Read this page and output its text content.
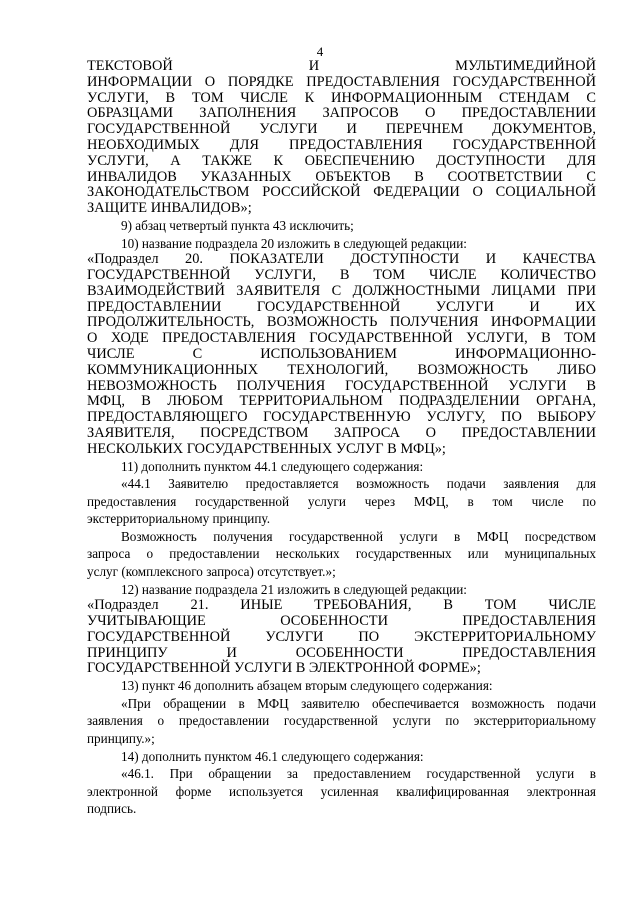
4
ТЕКСТОВОЙ И МУЛЬТИМЕДИЙНОЙ
ИНФОРМАЦИИ О ПОРЯДКЕ ПРЕДОСТАВЛЕНИЯ ГОСУДАРСТВЕННОЙ
УСЛУГИ, В ТОМ ЧИСЛЕ К ИНФОРМАЦИОННЫМ СТЕНДАМ С
ОБРАЗЦАМИ ЗАПОЛНЕНИЯ ЗАПРОСОВ О ПРЕДОСТАВЛЕНИИ
ГОСУДАРСТВЕННОЙ УСЛУГИ И ПЕРЕЧНЕМ ДОКУМЕНТОВ,
НЕОБХОДИМЫХ ДЛЯ ПРЕДОСТАВЛЕНИЯ ГОСУДАРСТВЕННОЙ
УСЛУГИ, А ТАКЖЕ К ОБЕСПЕЧЕНИЮ ДОСТУПНОСТИ ДЛЯ
ИНВАЛИДОВ УКАЗАННЫХ ОБЪЕКТОВ В СООТВЕТСТВИИ С
ЗАКОНОДАТЕЛЬСТВОМ РОССИЙСКОЙ ФЕДЕРАЦИИ О СОЦИАЛЬНОЙ
ЗАЩИТЕ ИНВАЛИДОВ»;
9) абзац четвертый пункта 43 исключить;
10) название подраздела 20 изложить в следующей редакции:
«Подраздел 20. ПОКАЗАТЕЛИ ДОСТУПНОСТИ И КАЧЕСТВА
ГОСУДАРСТВЕННОЙ УСЛУГИ, В ТОМ ЧИСЛЕ КОЛИЧЕСТВО
ВЗАИМОДЕЙСТВИЙ ЗАЯВИТЕЛЯ С ДОЛЖНОСТНЫМИ ЛИЦАМИ ПРИ
ПРЕДОСТАВЛЕНИИ ГОСУДАРСТВЕННОЙ УСЛУГИ И ИХ
ПРОДОЛЖИТЕЛЬНОСТЬ, ВОЗМОЖНОСТЬ ПОЛУЧЕНИЯ ИНФОРМАЦИИ
О ХОДЕ ПРЕДОСТАВЛЕНИЯ ГОСУДАРСТВЕННОЙ УСЛУГИ, В ТОМ
ЧИСЛЕ С ИСПОЛЬЗОВАНИЕМ ИНФОРМАЦИОННО-
КОММУНИКАЦИОННЫХ ТЕХНОЛОГИЙ, ВОЗМОЖНОСТЬ ЛИБО
НЕВОЗМОЖНОСТЬ ПОЛУЧЕНИЯ ГОСУДАРСТВЕННОЙ УСЛУГИ В
МФЦ, В ЛЮБОМ ТЕРРИТОРИАЛЬНОМ ПОДРАЗДЕЛЕНИИ ОРГАНА,
ПРЕДОСТАВЛЯЮЩЕГО ГОСУДАРСТВЕННУЮ УСЛУГУ, ПО ВЫБОРУ
ЗАЯВИТЕЛЯ, ПОСРЕДСТВОМ ЗАПРОСА О ПРЕДОСТАВЛЕНИИ
НЕСКОЛЬКИХ ГОСУДАРСТВЕННЫХ УСЛУГ В МФЦ»;
11) дополнить пунктом 44.1 следующего содержания:
«44.1 Заявителю предоставляется возможность подачи заявления для
предоставления государственной услуги через МФЦ, в том числе по
экстерриториальному принципу.
Возможность получения государственной услуги в МФЦ посредством
запроса о предоставлении нескольких государственных или муниципальных
услуг (комплексного запроса) отсутствует.»;
12) название подраздела 21 изложить в следующей редакции:
«Подраздел 21. ИНЫЕ ТРЕБОВАНИЯ, В ТОМ ЧИСЛЕ
УЧИТЫВАЮЩИЕ ОСОБЕННОСТИ ПРЕДОСТАВЛЕНИЯ
ГОСУДАРСТВЕННОЙ УСЛУГИ ПО ЭКСТЕРРИТОРИАЛЬНОМУ
ПРИНЦИПУ И ОСОБЕННОСТИ ПРЕДОСТАВЛЕНИЯ
ГОСУДАРСТВЕННОЙ УСЛУГИ В ЭЛЕКТРОННОЙ ФОРМЕ»;
13) пункт 46 дополнить абзацем вторым следующего содержания:
«При обращении в МФЦ заявителю обеспечивается возможность подачи
заявления о предоставлении государственной услуги по экстерриториальному
принципу.»;
14) дополнить пунктом 46.1 следующего содержания:
«46.1. При обращении за предоставлением государственной услуги в
электронной форме используется усиленная квалифицированная электронная
подпись.
